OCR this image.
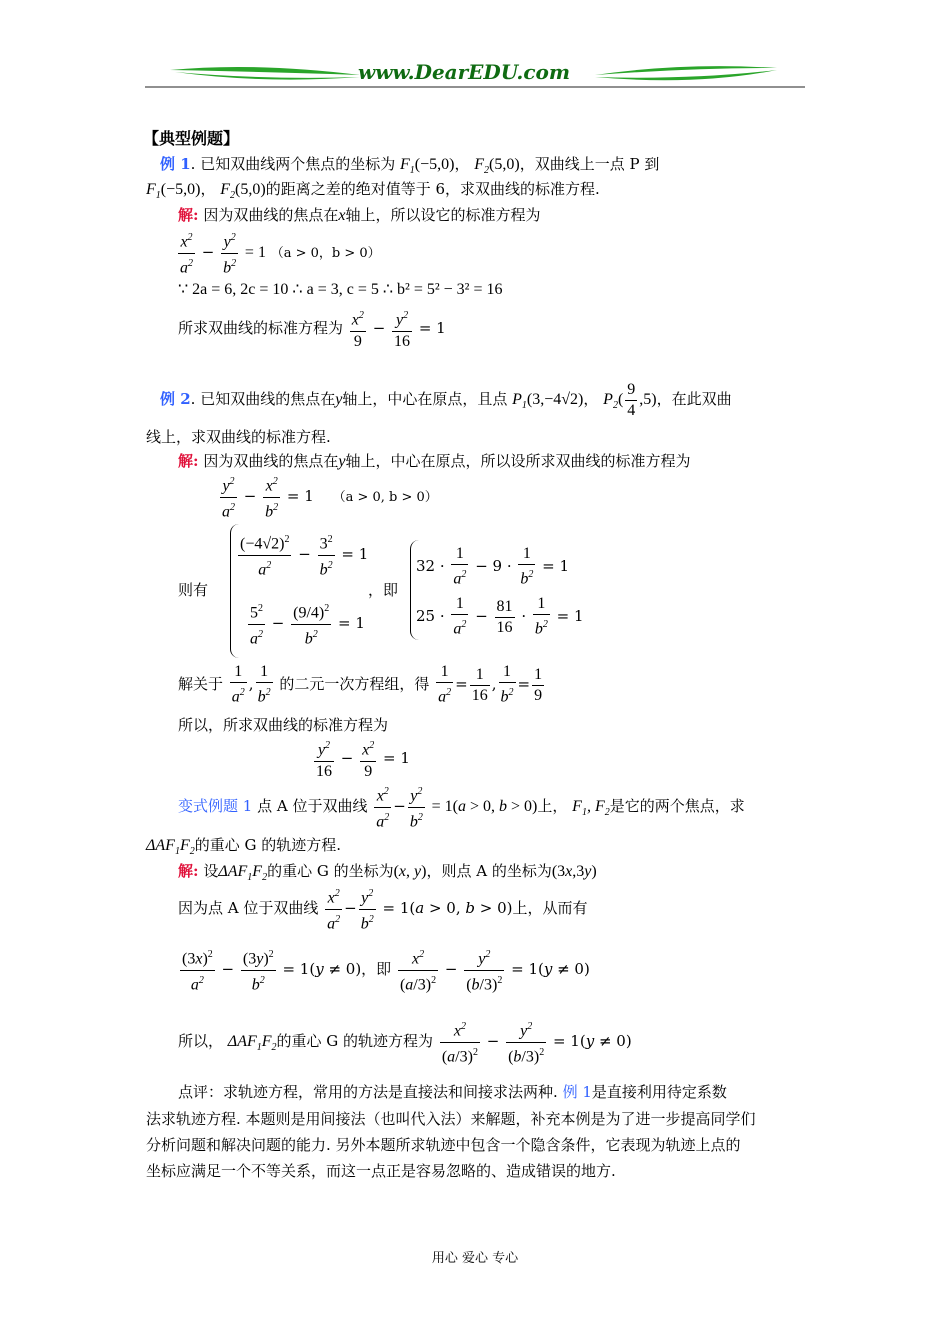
www.DearEDU.com
【典型例题】
例 1. 已知双曲线两个焦点的坐标为 $F_1(-5,0)$， $F_2(5,0)$，双曲线上一点 P 到
$F_1(-5,0)$， $F_2(5,0)$的距离之差的绝对值等于 6，求双曲线的标准方程.
解: 因为双曲线的焦点在x轴上，所以设它的标准方程为
$\frac{x^2}{a^2} - \frac{y^2}{b^2} = 1$ （a > 0，b > 0）
∵ 2a = 6, 2c = 10 ∴ a = 3, c = 5 ∴ b² = 5² − 3² = 16
所求双曲线的标准方程为 $\frac{x^2}{9} - \frac{y^2}{16} = 1$
例 2. 已知双曲线的焦点在y轴上，中心在原点，且点 $P_1(3,-4√2)$， $P_2( \frac{9}{4} ,5)$，在此双曲
线上，求双曲线的标准方程.
解: 因为双曲线的焦点在y轴上，中心在原点，所以设所求双曲线的标准方程为
$\frac{y^2}{a^2} - \frac{x^2}{b^2} = 1$ （a > 0, b > 0）
则有
$\frac{(-4√2)^2}{a^2} - \frac{3^2}{b^2} = 1$
$\frac{5^2}{a^2} - \frac{(9/4)^2}{b^2} = 1$
，即
$32 \cdot \frac{1}{a^2} - 9 \cdot \frac{1}{b^2} = 1$
$25 \cdot \frac{1}{a^2} - \frac{81}{16} \cdot \frac{1}{b^2} = 1$
解关于 $\frac{1}{a^2}$ , $\frac{1}{b^2}$ 的二元一次方程组，得 $\frac{1}{a^2} = \frac{1}{16}$ , $\frac{1}{b^2} = \frac{1}{9}$
所以，所求双曲线的标准方程为
$\frac{y^2}{16} - \frac{x^2}{9} = 1$
变式例题 1 点 A 位于双曲线 $\frac{x^2}{a^2} - \frac{y^2}{b^2} = 1(a > 0$, b > 0)上， $F_1$, $F_2$是它的两个焦点，求
$\Delta AF_1F_2$的重心 G 的轨迹方程.
解: 设$\Delta AF_1F_2$的重心 G 的坐标为(x, y)，则点 A 的坐标为(3x,3y)
因为点 A 位于双曲线 $\frac{x^2}{a^2} - \frac{y^2}{b^2} = 1(a > 0$, b > 0)上，从而有
$\frac{(3x)^2}{a^2} - \frac{(3y)^2}{b^2} = 1(y \ne 0)$，即 $\frac{x^2}{(a/3)^2} - \frac{y^2}{(b/3)^2} = 1(y \ne 0)$
所以， $\Delta AF_1F_2$的重心 G 的轨迹方程为 $\frac{x^2}{(a/3)^2} - \frac{y^2}{(b/3)^2} = 1(y \ne 0)$
点评：求轨迹方程，常用的方法是直接法和间接求法两种. 例 1是直接利用待定系数
法求轨迹方程. 本题则是用间接法（也叫代入法）来解题，补充本例是为了进一步提高同学们
分析问题和解决问题的能力. 另外本题所求轨迹中包含一个隐含条件，它表现为轨迹上点的
坐标应满足一个不等关系，而这一点正是容易忽略的、造成错误的地方.
用心 爱心 专心
